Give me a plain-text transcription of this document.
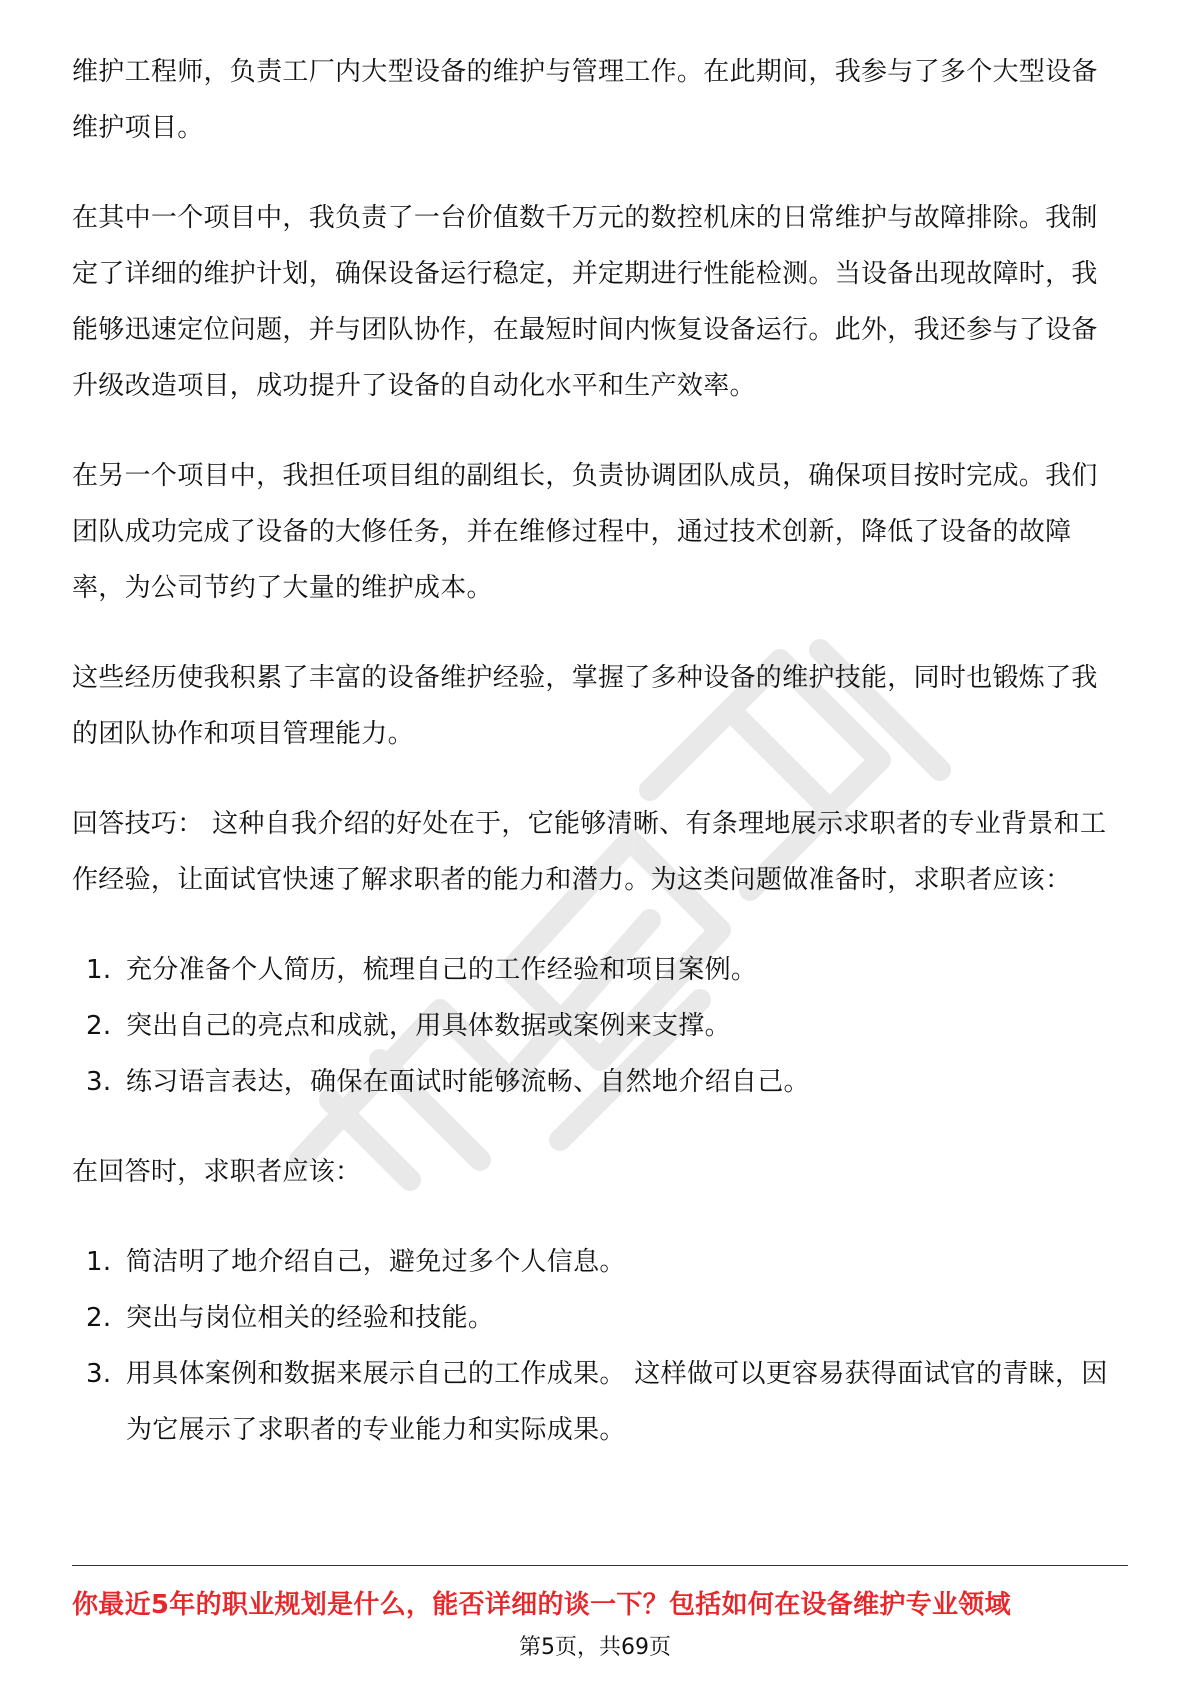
维护工程师，负责工厂内大型设备的维护与管理工作。在此期间，我参与了多个大型设备维护项目。

在其中一个项目中，我负责了一台价值数千万元的数控机床的日常维护与故障排除。我制定了详细的维护计划，确保设备运行稳定，并定期进行性能检测。当设备出现故障时，我能够迅速定位问题，并与团队协作，在最短时间内恢复设备运行。此外，我还参与了设备升级改造项目，成功提升了设备的自动化水平和生产效率。

在另一个项目中，我担任项目组的副组长，负责协调团队成员，确保项目按时完成。我们团队成功完成了设备的大修任务，并在维修过程中，通过技术创新，降低了设备的故障率，为公司节约了大量的维护成本。

这些经历使我积累了丰富的设备维护经验，掌握了多种设备的维护技能，同时也锻炼了我的团队协作和项目管理能力。

回答技巧： 这种自我介绍的好处在于，它能够清晰、有条理地展示求职者的专业背景和工作经验，让面试官快速了解求职者的能力和潜力。为这类问题做准备时，求职者应该：

1. 充分准备个人简历，梳理自己的工作经验和项目案例。
2. 突出自己的亮点和成就，用具体数据或案例来支撑。
3. 练习语言表达，确保在面试时能够流畅、自然地介绍自己。

在回答时，求职者应该：

1. 简洁明了地介绍自己，避免过多个人信息。
2. 突出与岗位相关的经验和技能。
3. 用具体案例和数据来展示自己的工作成果。 这样做可以更容易获得面试官的青睐，因为它展示了求职者的专业能力和实际成果。
你最近5年的职业规划是什么，能否详细的谈一下？包括如何在设备维护专业领域
第5页，共69页
